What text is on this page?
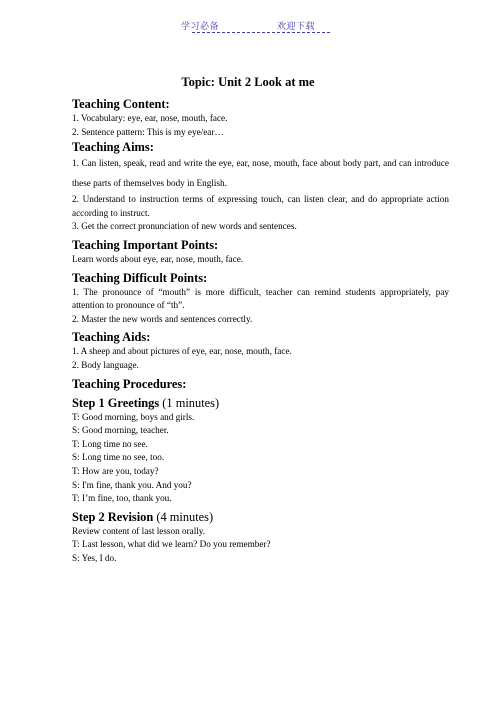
学习必备	欢迎下载
Topic: Unit 2 Look at me
Teaching Content:
1. Vocabulary: eye, ear, nose, mouth, face.
2. Sentence pattern: This is my eye/ear…
Teaching Aims:
1. Can listen, speak, read and write the eye, ear, nose, mouth, face about body part, and can introduce these parts of themselves body in English.
2. Understand to instruction terms of expressing touch, can listen clear, and do appropriate action according to instruct.
3. Get the correct pronunciation of new words and sentences.
Teaching Important Points:
Learn words about eye, ear, nose, mouth, face.
Teaching Difficult Points:
1. The pronounce of “mouth” is more difficult, teacher can remind students appropriately, pay attention to pronounce of “th”.
2. Master the new words and sentences correctly.
Teaching Aids:
1. A sheep and about pictures of eye, ear, nose, mouth, face.
2. Body language.
Teaching Procedures:
Step 1 Greetings (1 minutes)
T: Good morning, boys and girls.
S: Good morning, teacher.
T: Long time no see.
S: Long time no see, too.
T: How are you, today?
S: I'm fine, thank you. And you?
T: I’m fine, too, thank you.
Step 2 Revision (4 minutes)
Review content of last lesson orally.
T: Last lesson, what did we learn? Do you remember?
S: Yes, I do.
